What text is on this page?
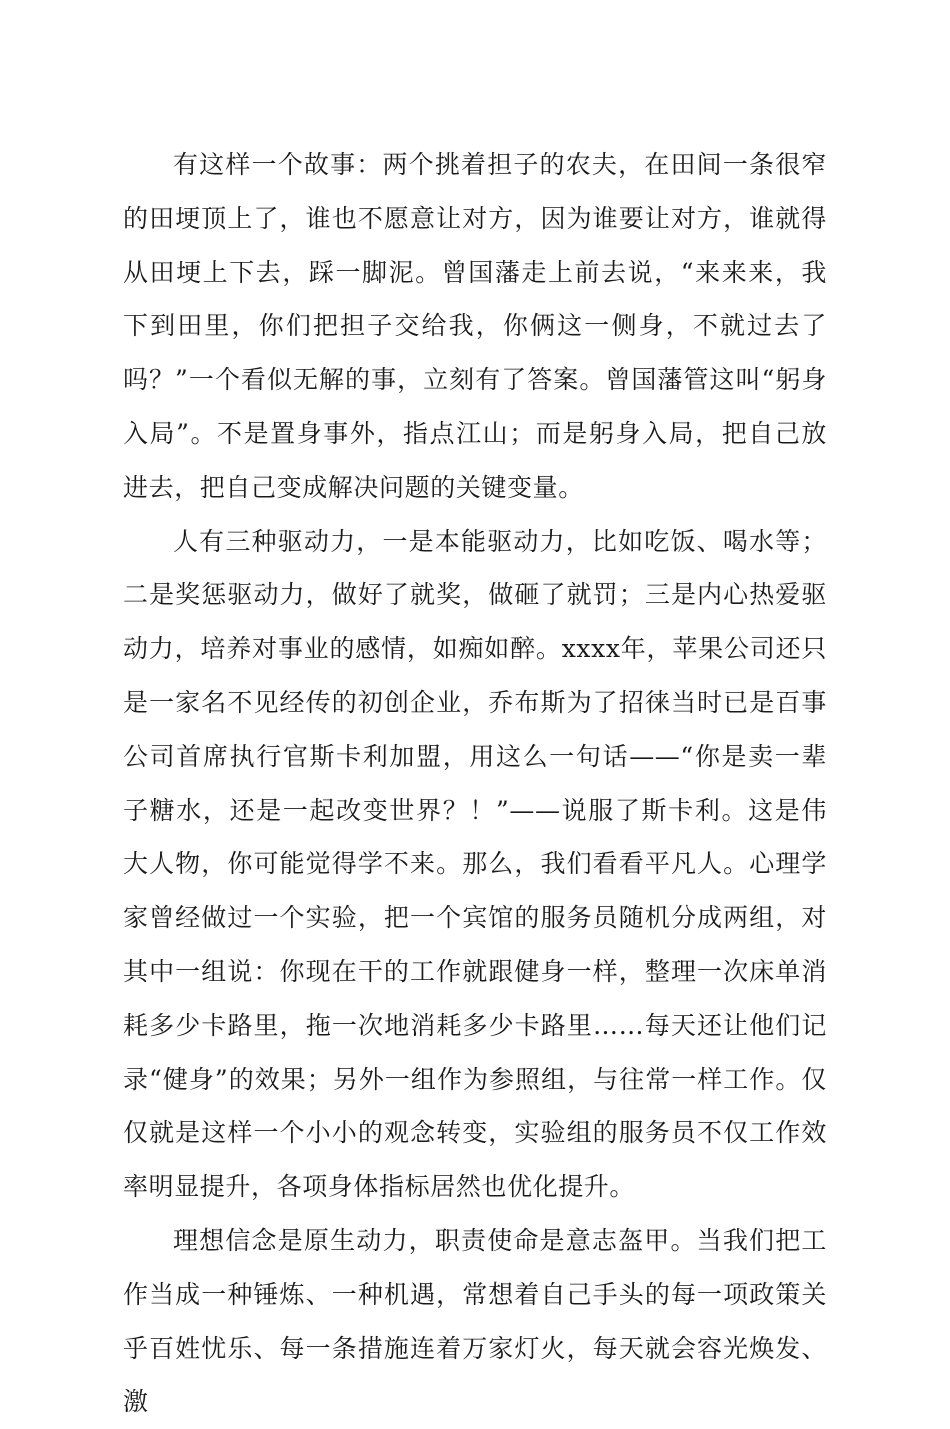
有这样一个故事：两个挑着担子的农夫，在田间一条很窄的田埂顶上了，谁也不愿意让对方，因为谁要让对方，谁就得从田埂上下去，踩一脚泥。曾国藩走上前去说，“来来来，我下到田里，你们把担子交给我，你俩这一侧身，不就过去了吗？”一个看似无解的事，立刻有了答案。曾国藩管这叫“躬身入局”。不是置身事外，指点江山；而是躬身入局，把自己放进去，把自己变成解决问题的关键变量。

人有三种驱动力，一是本能驱动力，比如吃饭、喝水等；二是奖惩驱动力，做好了就奖，做砸了就罚；三是内心热爱驱动力，培养对事业的感情，如痴如醉。xxxx年，苹果公司还只是一家名不见经传的初创企业，乔布斯为了招徕当时已是百事公司首席执行官斯卡利加盟，用这么一句话——“你是卖一辈子糖水，还是一起改变世界？！”——说服了斯卡利。这是伟大人物，你可能觉得学不来。那么，我们看看平凡人。心理学家曾经做过一个实验，把一个宾馆的服务员随机分成两组，对其中一组说：你现在干的工作就跟健身一样，整理一次床单消耗多少卡路里，拖一次地消耗多少卡路里……每天还让他们记录“健身”的效果；另外一组作为参照组，与往常一样工作。仅仅就是这样一个小小的观念转变，实验组的服务员不仅工作效率明显提升，各项身体指标居然也优化提升。

理想信念是原生动力，职责使命是意志盔甲。当我们把工作当成一种锤炼、一种机遇，常想着自己手头的每一项政策关乎百姓忧乐、每一条措施连着万家灯火，每天就会容光焕发、激
